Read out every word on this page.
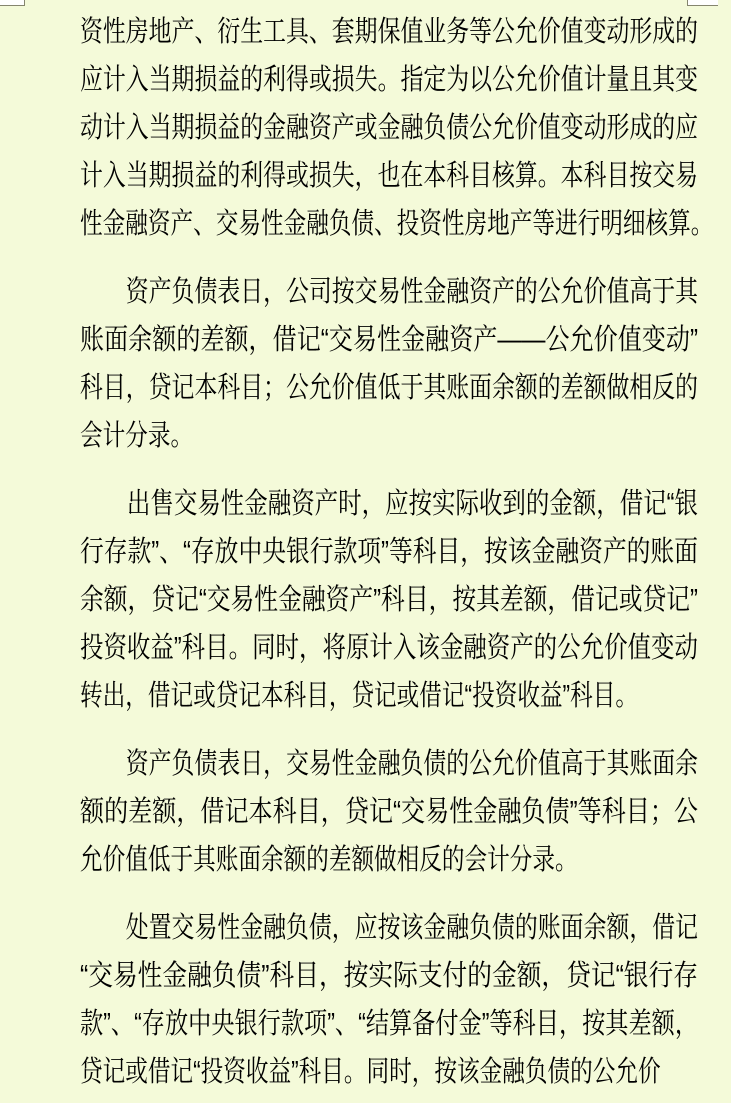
资性房地产、衍生工具、套期保值业务等公允价值变动形成的
应计入当期损益的利得或损失。指定为以公允价值计量且其变
动计入当期损益的金融资产或金融负债公允价值变动形成的应
计入当期损益的利得或损失，也在本科目核算。本科目按交易
性金融资产、交易性金融负债、投资性房地产等进行明细核算。
资产负债表日，公司按交易性金融资产的公允价值高于其
账面余额的差额，借记“交易性金融资产——公允价值变动”
科目，贷记本科目；公允价值低于其账面余额的差额做相反的
会计分录。
出售交易性金融资产时，应按实际收到的金额，借记“银
行存款”、“存放中央银行款项”等科目，按该金融资产的账面
余额，贷记“交易性金融资产”科目，按其差额，借记或贷记”
投资收益”科目。同时，将原计入该金融资产的公允价值变动
转出，借记或贷记本科目，贷记或借记“投资收益”科目。
资产负债表日，交易性金融负债的公允价值高于其账面余
额的差额，借记本科目，贷记“交易性金融负债”等科目；公
允价值低于其账面余额的差额做相反的会计分录。
处置交易性金融负债，应按该金融负债的账面余额，借记
“交易性金融负债”科目，按实际支付的金额，贷记“银行存
款”、“存放中央银行款项”、“结算备付金”等科目，按其差额，
贷记或借记“投资收益”科目。同时，按该金融负债的公允价
